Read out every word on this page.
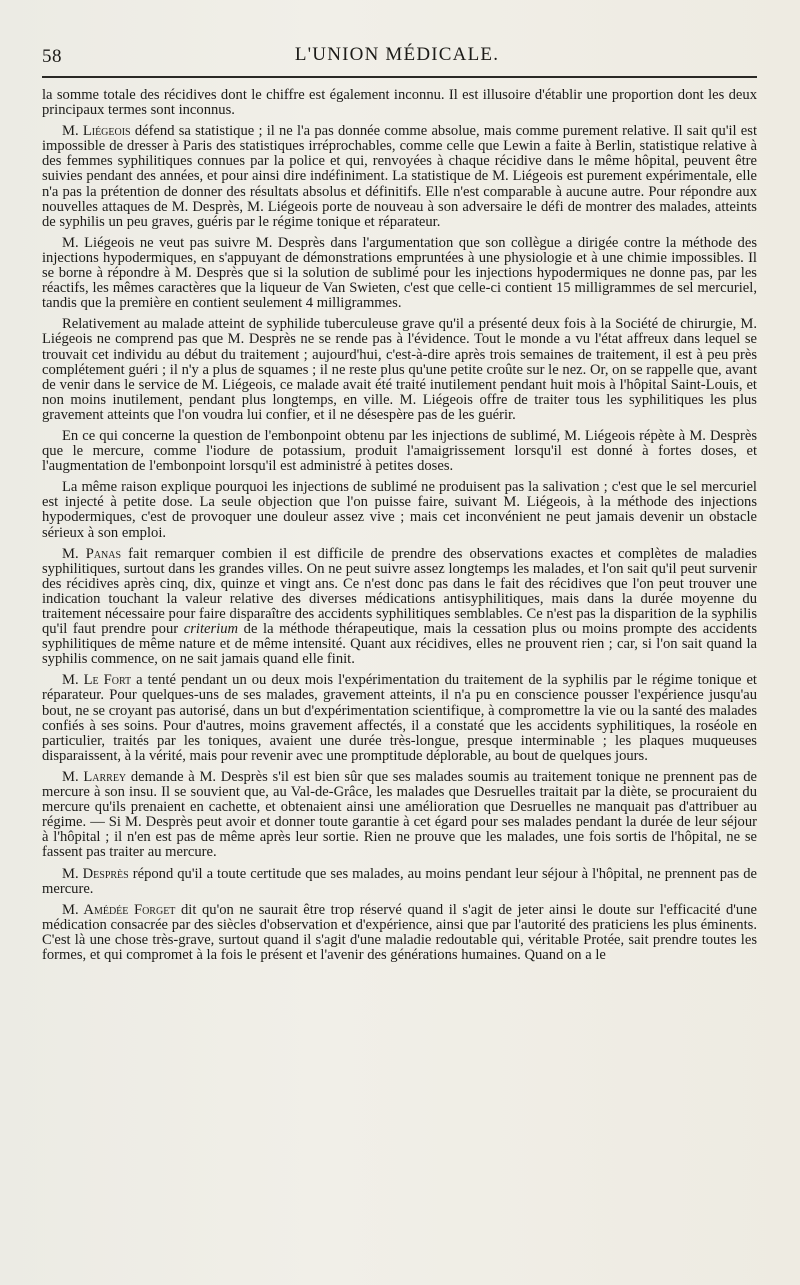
58	L'UNION MÉDICALE.

la somme totale des récidives dont le chiffre est également inconnu. Il est illusoire d'établir une proportion dont les deux principaux termes sont inconnus.

M. Liégeois défend sa statistique ; il ne l'a pas donnée comme absolue, mais comme purement relative. Il sait qu'il est impossible de dresser à Paris des statistiques irréprochables, comme celle que Lewin a faite à Berlin, statistique relative à des femmes syphilitiques connues par la police et qui, renvoyées à chaque récidive dans le même hôpital, peuvent être suivies pendant des années, et pour ainsi dire indéfiniment. La statistique de M. Liégeois est purement expérimentale, elle n'a pas la prétention de donner des résultats absolus et définitifs. Elle n'est comparable à aucune autre. Pour répondre aux nouvelles attaques de M. Desprès, M. Liégeois porte de nouveau à son adversaire le défi de montrer des malades, atteints de syphilis un peu graves, guéris par le régime tonique et réparateur.

M. Liégeois ne veut pas suivre M. Desprès dans l'argumentation que son collègue a dirigée contre la méthode des injections hypodermiques, en s'appuyant de démonstrations empruntées à une physiologie et à une chimie impossibles. Il se borne à répondre à M. Desprès que si la solution de sublimé pour les injections hypodermiques ne donne pas, par les réactifs, les mêmes caractères que la liqueur de Van Swieten, c'est que celle-ci contient 15 milligrammes de sel mercuriel, tandis que la première en contient seulement 4 milligrammes.

Relativement au malade atteint de syphilide tuberculeuse grave qu'il a présenté deux fois à la Société de chirurgie, M. Liégeois ne comprend pas que M. Desprès ne se rende pas à l'évidence. Tout le monde a vu l'état affreux dans lequel se trouvait cet individu au début du traitement ; aujourd'hui, c'est-à-dire après trois semaines de traitement, il est à peu près complétement guéri ; il n'y a plus de squames ; il ne reste plus qu'une petite croûte sur le nez. Or, on se rappelle que, avant de venir dans le service de M. Liégeois, ce malade avait été traité inutilement pendant huit mois à l'hôpital Saint-Louis, et non moins inutilement, pendant plus longtemps, en ville. M. Liégeois offre de traiter tous les syphilitiques les plus gravement atteints que l'on voudra lui confier, et il ne désespère pas de les guérir.

En ce qui concerne la question de l'embonpoint obtenu par les injections de sublimé, M. Liégeois répète à M. Desprès que le mercure, comme l'iodure de potassium, produit l'amaigrissement lorsqu'il est donné à fortes doses, et l'augmentation de l'embonpoint lorsqu'il est administré à petites doses.

La même raison explique pourquoi les injections de sublimé ne produisent pas la salivation ; c'est que le sel mercuriel est injecté à petite dose. La seule objection que l'on puisse faire, suivant M. Liégeois, à la méthode des injections hypodermiques, c'est de provoquer une douleur assez vive ; mais cet inconvénient ne peut jamais devenir un obstacle sérieux à son emploi.

M. Panas fait remarquer combien il est difficile de prendre des observations exactes et complètes de maladies syphilitiques, surtout dans les grandes villes. On ne peut suivre assez longtemps les malades, et l'on sait qu'il peut survenir des récidives après cinq, dix, quinze et vingt ans. Ce n'est donc pas dans le fait des récidives que l'on peut trouver une indication touchant la valeur relative des diverses médications antisyphilitiques, mais dans la durée moyenne du traitement nécessaire pour faire disparaître des accidents syphilitiques semblables. Ce n'est pas la disparition de la syphilis qu'il faut prendre pour criterium de la méthode thérapeutique, mais la cessation plus ou moins prompte des accidents syphilitiques de même nature et de même intensité. Quant aux récidives, elles ne prouvent rien ; car, si l'on sait quand la syphilis commence, on ne sait jamais quand elle finit.

M. Le Fort a tenté pendant un ou deux mois l'expérimentation du traitement de la syphilis par le régime tonique et réparateur. Pour quelques-uns de ses malades, gravement atteints, il n'a pu en conscience pousser l'expérience jusqu'au bout, ne se croyant pas autorisé, dans un but d'expérimentation scientifique, à compromettre la vie ou la santé des malades confiés à ses soins. Pour d'autres, moins gravement affectés, il a constaté que les accidents syphilitiques, la roséole en particulier, traités par les toniques, avaient une durée très-longue, presque interminable ; les plaques muqueuses disparaissent, à la vérité, mais pour revenir avec une promptitude déplorable, au bout de quelques jours.

M. Larrey demande à M. Desprès s'il est bien sûr que ses malades soumis au traitement tonique ne prennent pas de mercure à son insu. Il se souvient que, au Val-de-Grâce, les malades que Desruelles traitait par la diète, se procuraient du mercure qu'ils prenaient en cachette, et obtenaient ainsi une amélioration que Desruelles ne manquait pas d'attribuer au régime. — Si M. Desprès peut avoir et donner toute garantie à cet égard pour ses malades pendant la durée de leur séjour à l'hôpital ; il n'en est pas de même après leur sortie. Rien ne prouve que les malades, une fois sortis de l'hôpital, ne se fassent pas traiter au mercure.

M. Desprès répond qu'il a toute certitude que ses malades, au moins pendant leur séjour à l'hôpital, ne prennent pas de mercure.

M. Amédée Forget dit qu'on ne saurait être trop réservé quand il s'agit de jeter ainsi le doute sur l'efficacité d'une médication consacrée par des siècles d'observation et d'expérience, ainsi que par l'autorité des praticiens les plus éminents. C'est là une chose très-grave, surtout quand il s'agit d'une maladie redoutable qui, véritable Protée, sait prendre toutes les formes, et qui compromet à la fois le présent et l'avenir des générations humaines. Quand on a le
